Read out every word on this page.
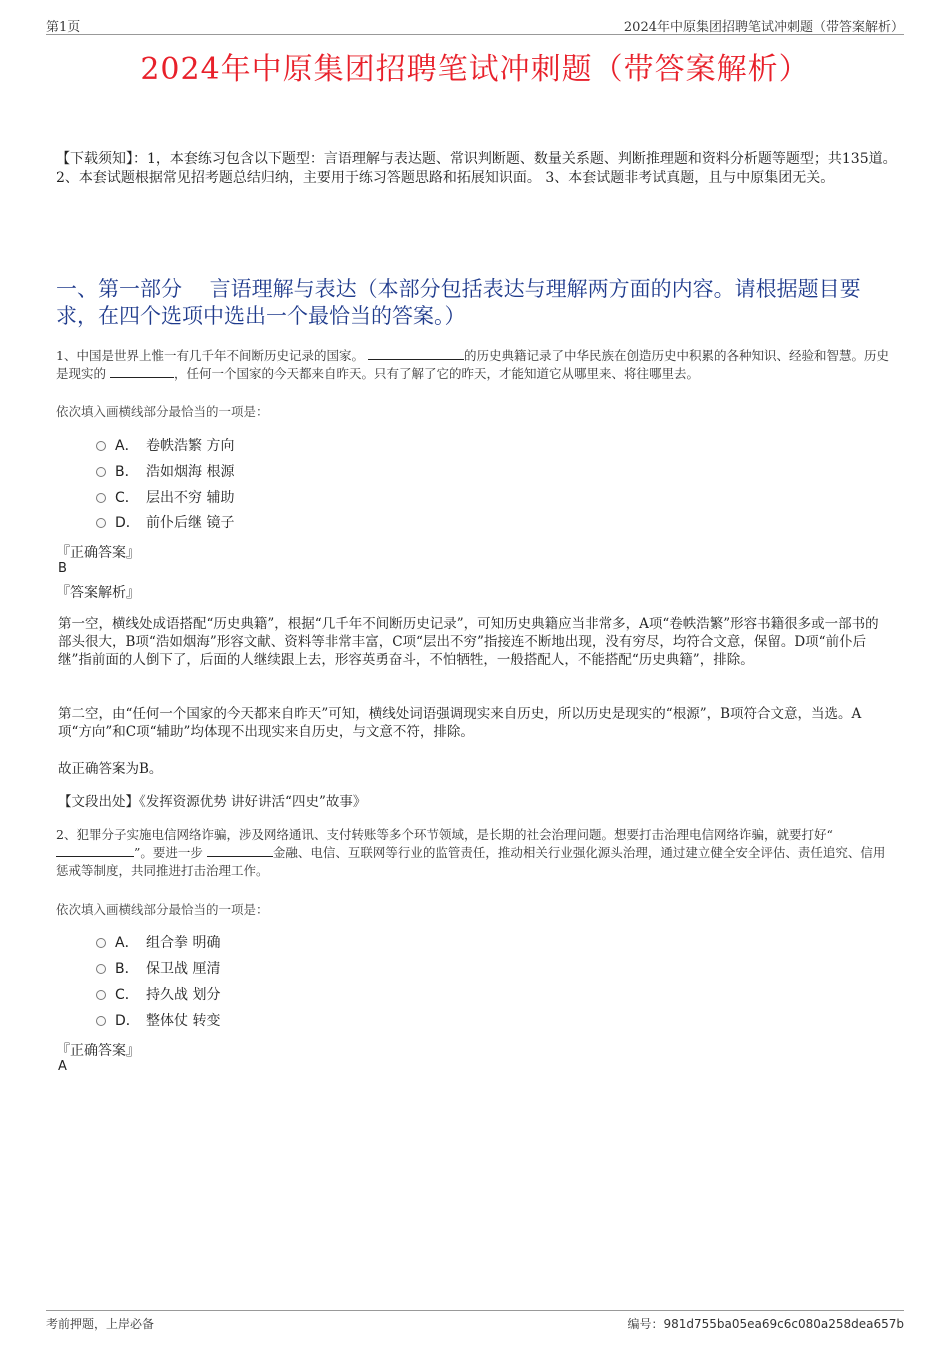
第1页	2024年中原集团招聘笔试冲刺题（带答案解析）
2024年中原集团招聘笔试冲刺题（带答案解析）
【下载须知】：1，本套练习包含以下题型：言语理解与表达题、常识判断题、数量关系题、判断推理题和资料分析题等题型；共135道。 2、本套试题根据常见招考题总结归纳，主要用于练习答题思路和拓展知识面。 3、本套试题非考试真题，且与中原集团无关。
一、第一部分　 言语理解与表达（本部分包括表达与理解两方面的内容。请根据题目要求，在四个选项中选出一个最恰当的答案。）
1、中国是世界上惟一有几千年不间断历史记录的国家。	的历史典籍记录了中华民族在创造历史中积累的各种知识、经验和智慧。历史是现实的	，任何一个国家的今天都来自昨天。只有了解了它的昨天，才能知道它从哪里来、将往哪里去。
依次填入画横线部分最恰当的一项是：
A． 卷帙浩繁 方向
B． 浩如烟海 根源
C． 层出不穷 辅助
D． 前仆后继 镜子
『正确答案』
B
『答案解析』
第一空，横线处成语搭配“历史典籍”，根据“几千年不间断历史记录”，可知历史典籍应当非常多，A项“卷帙浩繁”形容书籍很多或一部书的部头很大，B项“浩如烟海”形容文献、资料等非常丰富，C项“层出不穷”指接连不断地出现，没有穷尽，均符合文意，保留。D项“前仆后继”指前面的人倒下了，后面的人继续跟上去，形容英勇奋斗，不怕牺牲，一般搭配人，不能搭配“历史典籍”，排除。
第二空，由“任何一个国家的今天都来自昨天”可知，横线处词语强调现实来自历史，所以历史是现实的“根源”，B项符合文意，当选。A项“方向”和C项“辅助”均体现不出现实来自历史，与文意不符，排除。
故正确答案为B。
【文段出处】《发挥资源优势 讲好讲活“四史”故事》
2、犯罪分子实施电信网络诈骗，涉及网络通讯、支付转账等多个环节领域，是长期的社会治理问题。想要打击治理电信网络诈骗，就要打好“ ”。要进一步	金融、电信、互联网等行业的监管责任，推动相关行业强化源头治理，通过建立健全安全评估、责任追究、信用惩戒等制度，共同推进打击治理工作。
依次填入画横线部分最恰当的一项是：
A． 组合拳 明确
B． 保卫战 厘清
C． 持久战 划分
D． 整体仗 转变
『正确答案』
A
考前押题，上岸必备	编号：981d755ba05ea69c6c080a258dea657b
